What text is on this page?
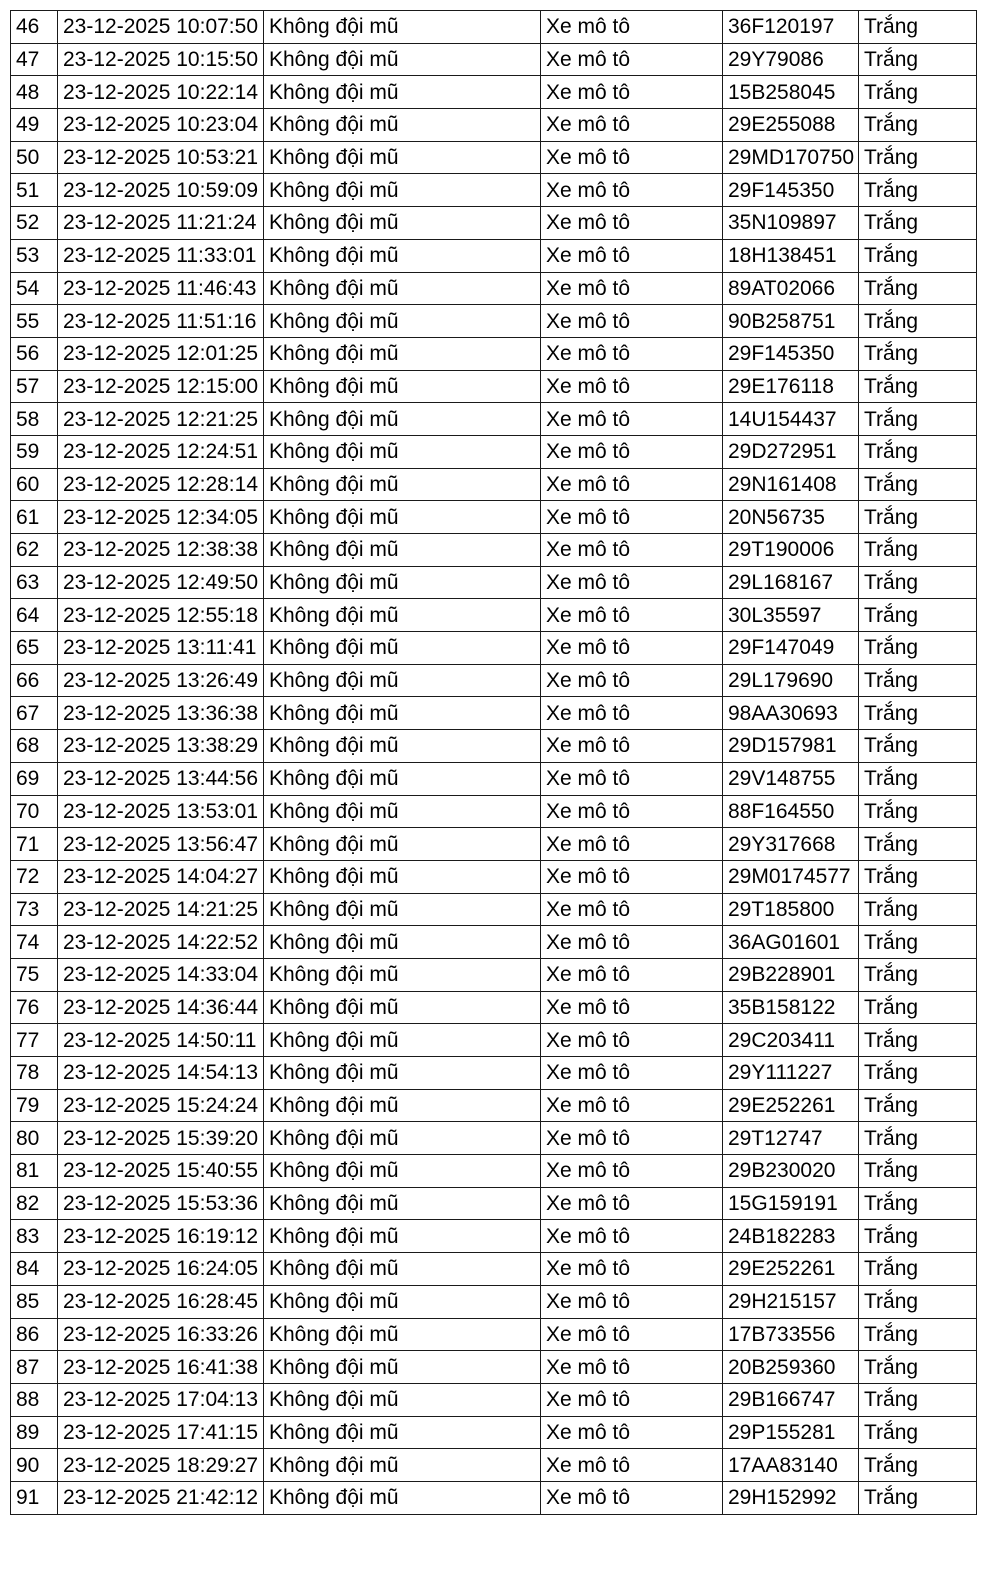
46	23-12-2025 10:07:50	Không đội mũ	Xe mô tô	36F120197	Trắng
47	23-12-2025 10:15:50	Không đội mũ	Xe mô tô	29Y79086	Trắng
48	23-12-2025 10:22:14	Không đội mũ	Xe mô tô	15B258045	Trắng
49	23-12-2025 10:23:04	Không đội mũ	Xe mô tô	29E255088	Trắng
50	23-12-2025 10:53:21	Không đội mũ	Xe mô tô	29MD170750	Trắng
51	23-12-2025 10:59:09	Không đội mũ	Xe mô tô	29F145350	Trắng
52	23-12-2025 11:21:24	Không đội mũ	Xe mô tô	35N109897	Trắng
53	23-12-2025 11:33:01	Không đội mũ	Xe mô tô	18H138451	Trắng
54	23-12-2025 11:46:43	Không đội mũ	Xe mô tô	89AT02066	Trắng
55	23-12-2025 11:51:16	Không đội mũ	Xe mô tô	90B258751	Trắng
56	23-12-2025 12:01:25	Không đội mũ	Xe mô tô	29F145350	Trắng
57	23-12-2025 12:15:00	Không đội mũ	Xe mô tô	29E176118	Trắng
58	23-12-2025 12:21:25	Không đội mũ	Xe mô tô	14U154437	Trắng
59	23-12-2025 12:24:51	Không đội mũ	Xe mô tô	29D272951	Trắng
60	23-12-2025 12:28:14	Không đội mũ	Xe mô tô	29N161408	Trắng
61	23-12-2025 12:34:05	Không đội mũ	Xe mô tô	20N56735	Trắng
62	23-12-2025 12:38:38	Không đội mũ	Xe mô tô	29T190006	Trắng
63	23-12-2025 12:49:50	Không đội mũ	Xe mô tô	29L168167	Trắng
64	23-12-2025 12:55:18	Không đội mũ	Xe mô tô	30L35597	Trắng
65	23-12-2025 13:11:41	Không đội mũ	Xe mô tô	29F147049	Trắng
66	23-12-2025 13:26:49	Không đội mũ	Xe mô tô	29L179690	Trắng
67	23-12-2025 13:36:38	Không đội mũ	Xe mô tô	98AA30693	Trắng
68	23-12-2025 13:38:29	Không đội mũ	Xe mô tô	29D157981	Trắng
69	23-12-2025 13:44:56	Không đội mũ	Xe mô tô	29V148755	Trắng
70	23-12-2025 13:53:01	Không đội mũ	Xe mô tô	88F164550	Trắng
71	23-12-2025 13:56:47	Không đội mũ	Xe mô tô	29Y317668	Trắng
72	23-12-2025 14:04:27	Không đội mũ	Xe mô tô	29M0174577	Trắng
73	23-12-2025 14:21:25	Không đội mũ	Xe mô tô	29T185800	Trắng
74	23-12-2025 14:22:52	Không đội mũ	Xe mô tô	36AG01601	Trắng
75	23-12-2025 14:33:04	Không đội mũ	Xe mô tô	29B228901	Trắng
76	23-12-2025 14:36:44	Không đội mũ	Xe mô tô	35B158122	Trắng
77	23-12-2025 14:50:11	Không đội mũ	Xe mô tô	29C203411	Trắng
78	23-12-2025 14:54:13	Không đội mũ	Xe mô tô	29Y111227	Trắng
79	23-12-2025 15:24:24	Không đội mũ	Xe mô tô	29E252261	Trắng
80	23-12-2025 15:39:20	Không đội mũ	Xe mô tô	29T12747	Trắng
81	23-12-2025 15:40:55	Không đội mũ	Xe mô tô	29B230020	Trắng
82	23-12-2025 15:53:36	Không đội mũ	Xe mô tô	15G159191	Trắng
83	23-12-2025 16:19:12	Không đội mũ	Xe mô tô	24B182283	Trắng
84	23-12-2025 16:24:05	Không đội mũ	Xe mô tô	29E252261	Trắng
85	23-12-2025 16:28:45	Không đội mũ	Xe mô tô	29H215157	Trắng
86	23-12-2025 16:33:26	Không đội mũ	Xe mô tô	17B733556	Trắng
87	23-12-2025 16:41:38	Không đội mũ	Xe mô tô	20B259360	Trắng
88	23-12-2025 17:04:13	Không đội mũ	Xe mô tô	29B166747	Trắng
89	23-12-2025 17:41:15	Không đội mũ	Xe mô tô	29P155281	Trắng
90	23-12-2025 18:29:27	Không đội mũ	Xe mô tô	17AA83140	Trắng
91	23-12-2025 21:42:12	Không đội mũ	Xe mô tô	29H152992	Trắng
